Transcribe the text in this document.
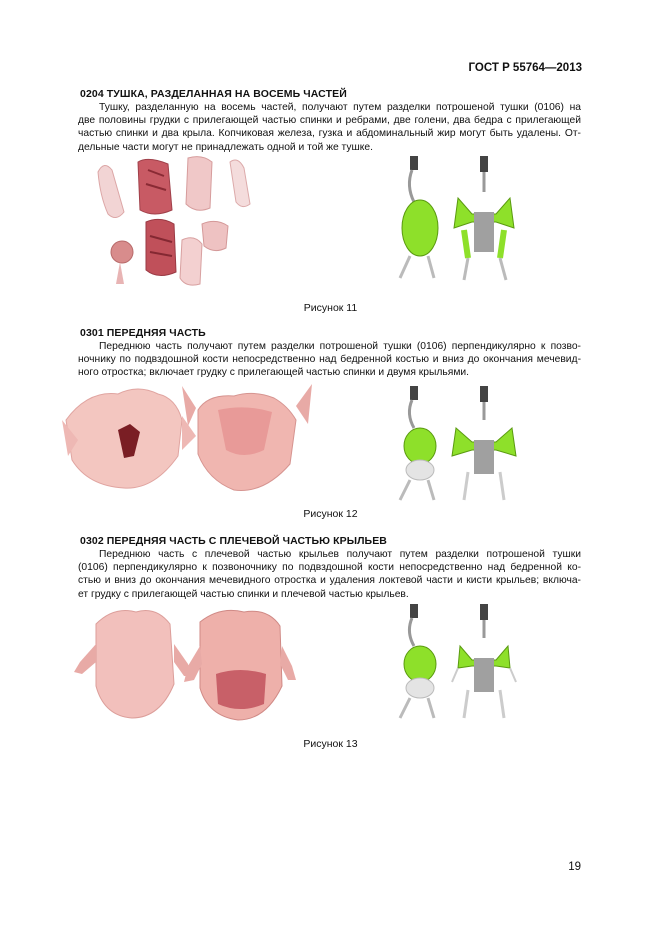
ГОСТ Р 55764—2013
0204 ТУШКА, РАЗДЕЛАННАЯ НА ВОСЕМЬ ЧАСТЕЙ
Тушку, разделанную на восемь частей, получают путем разделки потрошеной тушки (0106) на
две половины грудки с прилегающей частью спинки и ребрами, две голени, два бедра с прилегающей
частью спинки и два крыла. Копчиковая железа, гузка и абдоминальный жир могут быть удалены. От-
дельные части могут не принадлежать одной и той же тушке.
Рисунок 11
0301 ПЕРЕДНЯЯ ЧАСТЬ
Переднюю часть получают путем разделки потрошеной тушки (0106) перпендикулярно к позво-
ночнику по подвздошной кости непосредственно над бедренной костью и вниз до окончания мечевид-
ного отростка; включает грудку с прилегающей частью спинки и двумя крыльями.
Рисунок 12
0302 ПЕРЕДНЯЯ ЧАСТЬ С ПЛЕЧЕВОЙ ЧАСТЬЮ КРЫЛЬЕВ
Переднюю часть с плечевой частью крыльев получают путем разделки потрошеной тушки
(0106) перпендикулярно к позвоночнику по подвздошной кости непосредственно над бедренной ко-
стью и вниз до окончания мечевидного отростка и удаления локтевой части и кисти крыльев; включа-
ет грудку с прилегающей частью спинки и плечевой частью крыльев.
Рисунок 13
19
